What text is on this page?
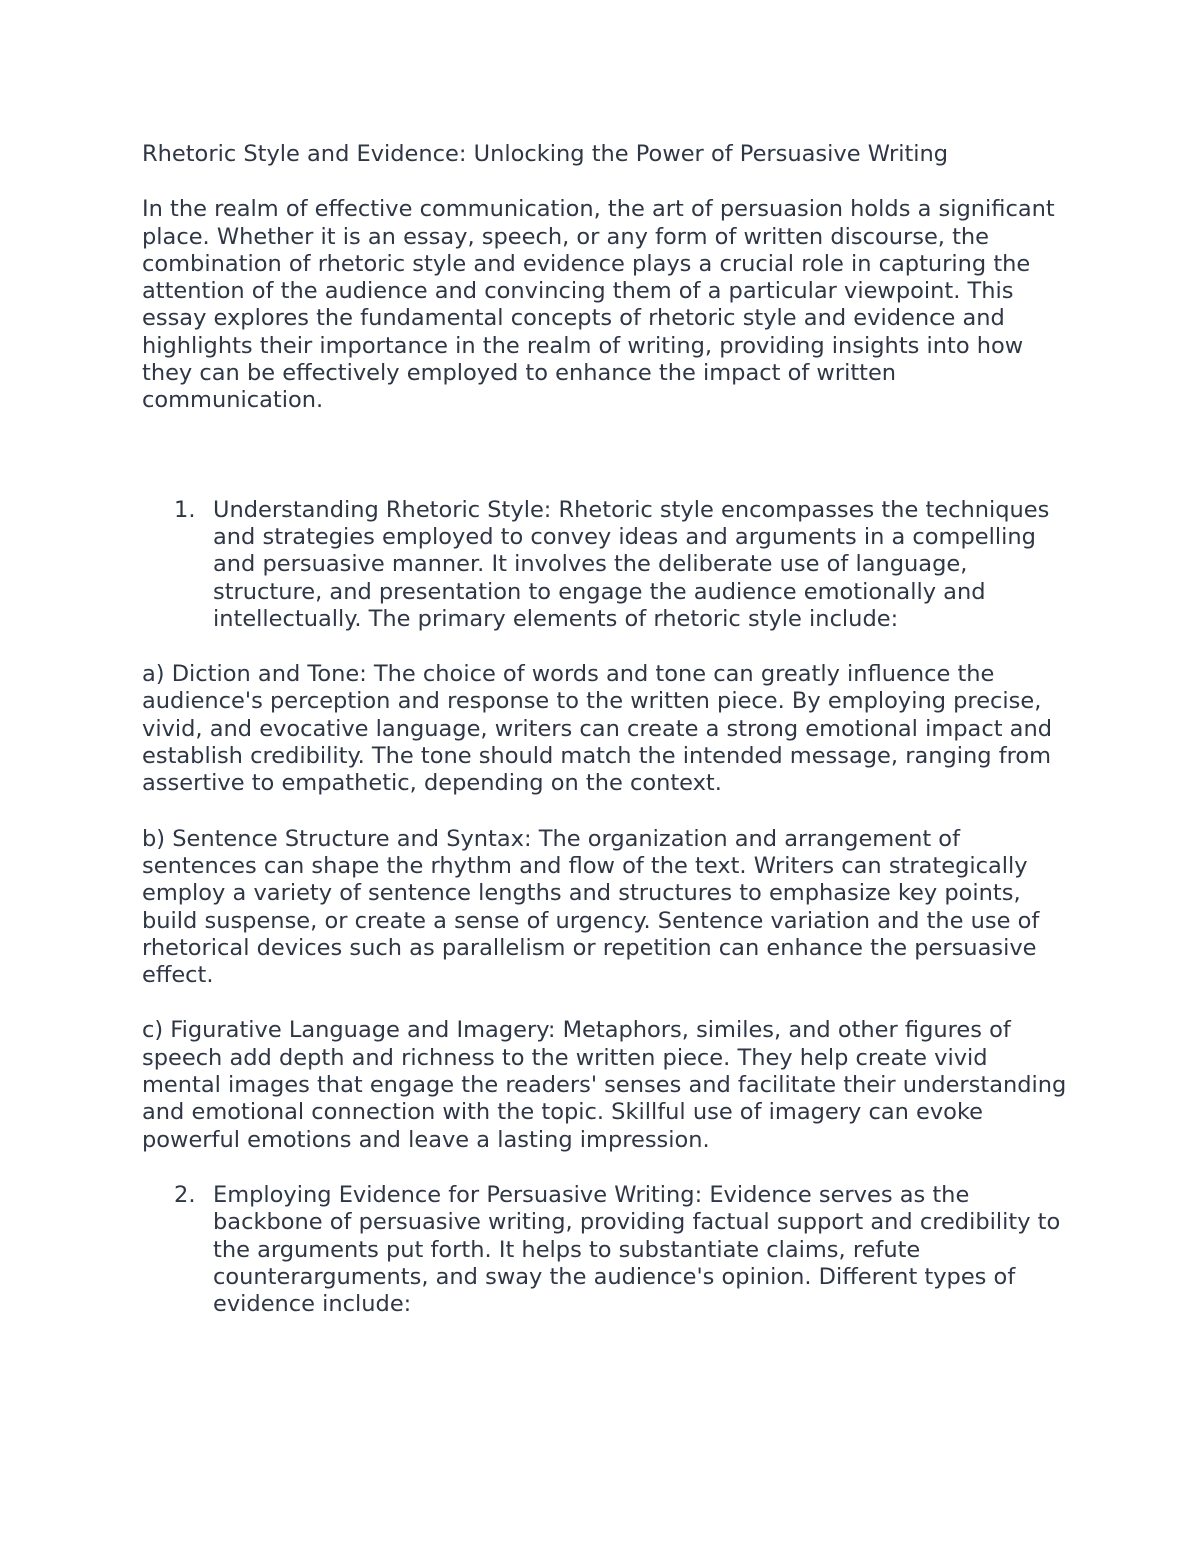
Rhetoric Style and Evidence: Unlocking the Power of Persuasive Writing

In the realm of effective communication, the art of persuasion holds a significant place. Whether it is an essay, speech, or any form of written discourse, the combination of rhetoric style and evidence plays a crucial role in capturing the attention of the audience and convincing them of a particular viewpoint. This essay explores the fundamental concepts of rhetoric style and evidence and highlights their importance in the realm of writing, providing insights into how they can be effectively employed to enhance the impact of written communication.

1. Understanding Rhetoric Style: Rhetoric style encompasses the techniques and strategies employed to convey ideas and arguments in a compelling and persuasive manner. It involves the deliberate use of language, structure, and presentation to engage the audience emotionally and intellectually. The primary elements of rhetoric style include:

a) Diction and Tone: The choice of words and tone can greatly influence the audience's perception and response to the written piece. By employing precise, vivid, and evocative language, writers can create a strong emotional impact and establish credibility. The tone should match the intended message, ranging from assertive to empathetic, depending on the context.

b) Sentence Structure and Syntax: The organization and arrangement of sentences can shape the rhythm and flow of the text. Writers can strategically employ a variety of sentence lengths and structures to emphasize key points, build suspense, or create a sense of urgency. Sentence variation and the use of rhetorical devices such as parallelism or repetition can enhance the persuasive effect.

c) Figurative Language and Imagery: Metaphors, similes, and other figures of speech add depth and richness to the written piece. They help create vivid mental images that engage the readers' senses and facilitate their understanding and emotional connection with the topic. Skillful use of imagery can evoke powerful emotions and leave a lasting impression.

2. Employing Evidence for Persuasive Writing: Evidence serves as the backbone of persuasive writing, providing factual support and credibility to the arguments put forth. It helps to substantiate claims, refute counterarguments, and sway the audience's opinion. Different types of evidence include:
